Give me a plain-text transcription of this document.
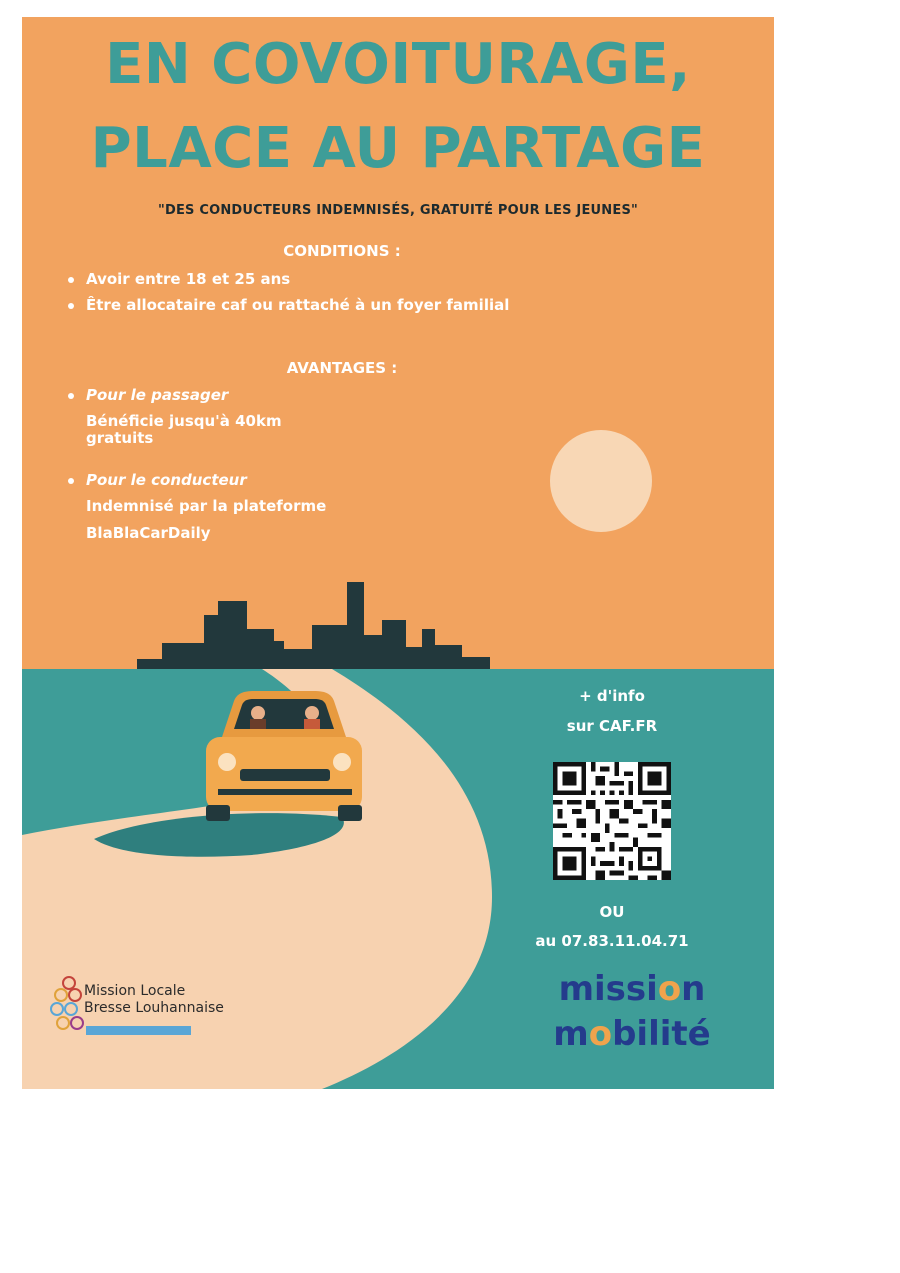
EN COVOITURAGE,
PLACE AU PARTAGE

"DES CONDUCTEURS INDEMNISÉS, GRATUITÉ POUR LES JEUNES"

CONDITIONS :
Avoir entre 18 et 25 ans
Être allocataire caf ou rattaché à un foyer familial
AVANTAGES :
Pour le passager
Bénéficie jusqu'à 40km
gratuits
Pour le conducteur
Indemnisé par la plateforme
BlaBlaCarDaily
+ d'info
sur CAF.FR
OU
au 07.83.11.04.71
mission
mobilité
Mission Locale
Bresse Louhannaise
